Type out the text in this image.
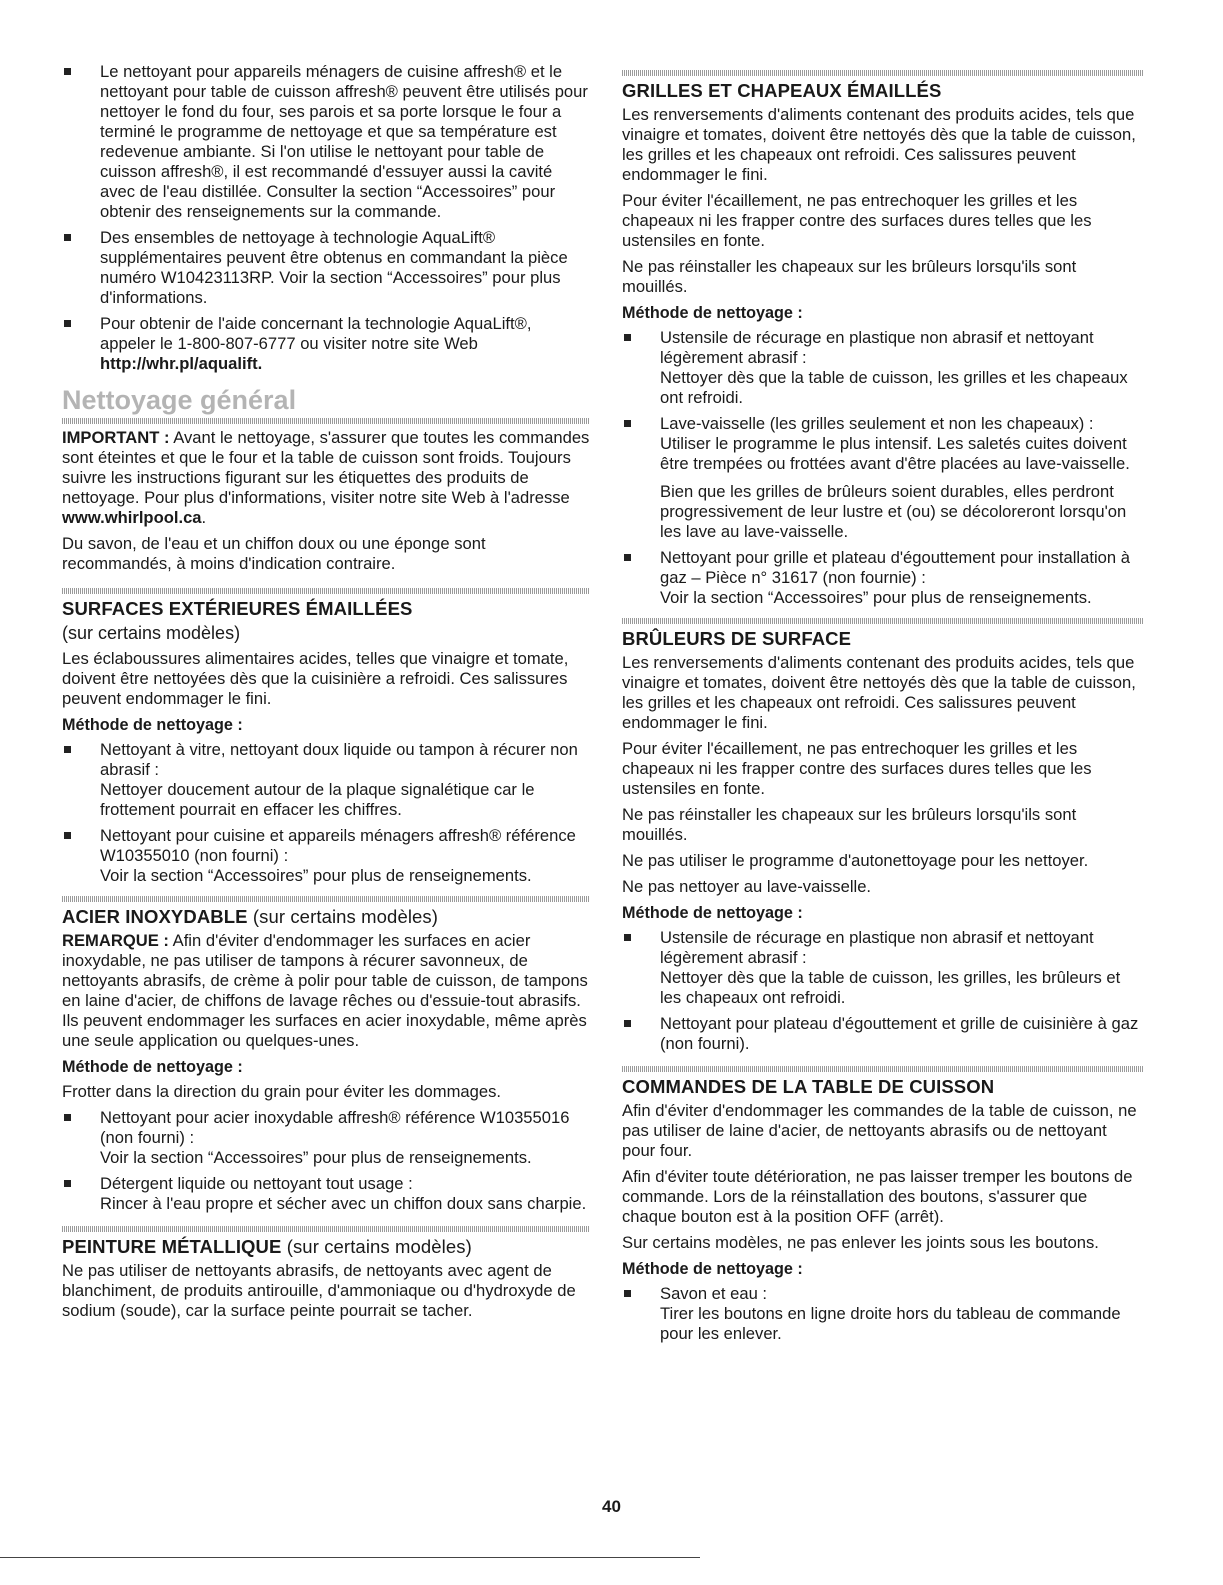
Le nettoyant pour appareils ménagers de cuisine affresh® et le nettoyant pour table de cuisson affresh® peuvent être utilisés pour nettoyer le fond du four, ses parois et sa porte lorsque le four a terminé le programme de nettoyage et que sa température est redevenue ambiante. Si l'on utilise le nettoyant pour table de cuisson affresh®, il est recommandé d'essuyer aussi la cavité avec de l'eau distillée. Consulter la section “Accessoires” pour obtenir des renseignements sur la commande.

Des ensembles de nettoyage à technologie AquaLift® supplémentaires peuvent être obtenus en commandant la pièce numéro W10423113RP. Voir la section “Accessoires” pour plus d'informations.

Pour obtenir de l'aide concernant la technologie AquaLift®, appeler le 1-800-807-6777 ou visiter notre site Web
http://whr.pl/aqualift.

Nettoyage général

IMPORTANT : Avant le nettoyage, s'assurer que toutes les commandes sont éteintes et que le four et la table de cuisson sont froids. Toujours suivre les instructions figurant sur les étiquettes des produits de nettoyage. Pour plus d'informations, visiter notre site Web à l'adresse www.whirlpool.ca.

Du savon, de l'eau et un chiffon doux ou une éponge sont recommandés, à moins d'indication contraire.

SURFACES EXTÉRIEURES ÉMAILLÉES
(sur certains modèles)

Les éclaboussures alimentaires acides, telles que vinaigre et tomate, doivent être nettoyées dès que la cuisinière a refroidi. Ces salissures peuvent endommager le fini.

Méthode de nettoyage :

Nettoyant à vitre, nettoyant doux liquide ou tampon à récurer non abrasif :

Nettoyer doucement autour de la plaque signalétique car le frottement pourrait en effacer les chiffres.

Nettoyant pour cuisine et appareils ménagers affresh® référence W10355010 (non fourni) :

Voir la section “Accessoires” pour plus de renseignements.

ACIER INOXYDABLE (sur certains modèles)

REMARQUE : Afin d'éviter d'endommager les surfaces en acier inoxydable, ne pas utiliser de tampons à récurer savonneux, de nettoyants abrasifs, de crème à polir pour table de cuisson, de tampons en laine d'acier, de chiffons de lavage rêches ou d'essuie-tout abrasifs. Ils peuvent endommager les surfaces en acier inoxydable, même après une seule application ou quelques-unes.

Méthode de nettoyage :

Frotter dans la direction du grain pour éviter les dommages.

Nettoyant pour acier inoxydable affresh® référence W10355016 (non fourni) :

Voir la section “Accessoires” pour plus de renseignements.

Détergent liquide ou nettoyant tout usage :

Rincer à l'eau propre et sécher avec un chiffon doux sans charpie.

PEINTURE MÉTALLIQUE (sur certains modèles)

Ne pas utiliser de nettoyants abrasifs, de nettoyants avec agent de blanchiment, de produits antirouille, d'ammoniaque ou d'hydroxyde de sodium (soude), car la surface peinte pourrait se tacher.

GRILLES ET CHAPEAUX ÉMAILLÉS

Les renversements d'aliments contenant des produits acides, tels que vinaigre et tomates, doivent être nettoyés dès que la table de cuisson, les grilles et les chapeaux ont refroidi. Ces salissures peuvent endommager le fini.

Pour éviter l'écaillement, ne pas entrechoquer les grilles et les chapeaux ni les frapper contre des surfaces dures telles que les ustensiles en fonte.

Ne pas réinstaller les chapeaux sur les brûleurs lorsqu'ils sont mouillés.

Méthode de nettoyage :

Ustensile de récurage en plastique non abrasif et nettoyant légèrement abrasif :

Nettoyer dès que la table de cuisson, les grilles et les chapeaux ont refroidi.

Lave-vaisselle (les grilles seulement et non les chapeaux) : Utiliser le programme le plus intensif. Les saletés cuites doivent être trempées ou frottées avant d'être placées au lave-vaisselle.

Bien que les grilles de brûleurs soient durables, elles perdront progressivement de leur lustre et (ou) se décoloreront lorsqu'on les lave au lave-vaisselle.

Nettoyant pour grille et plateau d'égouttement pour installation à gaz – Pièce n° 31617 (non fournie) :

Voir la section “Accessoires” pour plus de renseignements.

BRÛLEURS DE SURFACE

Les renversements d'aliments contenant des produits acides, tels que vinaigre et tomates, doivent être nettoyés dès que la table de cuisson, les grilles et les chapeaux ont refroidi. Ces salissures peuvent endommager le fini.

Pour éviter l'écaillement, ne pas entrechoquer les grilles et les chapeaux ni les frapper contre des surfaces dures telles que les ustensiles en fonte.

Ne pas réinstaller les chapeaux sur les brûleurs lorsqu'ils sont mouillés.

Ne pas utiliser le programme d'autonettoyage pour les nettoyer.

Ne pas nettoyer au lave-vaisselle.

Méthode de nettoyage :

Ustensile de récurage en plastique non abrasif et nettoyant légèrement abrasif :

Nettoyer dès que la table de cuisson, les grilles, les brûleurs et les chapeaux ont refroidi.

Nettoyant pour plateau d'égouttement et grille de cuisinière à gaz (non fourni).

COMMANDES DE LA TABLE DE CUISSON

Afin d'éviter d'endommager les commandes de la table de cuisson, ne pas utiliser de laine d'acier, de nettoyants abrasifs ou de nettoyant pour four.

Afin d'éviter toute détérioration, ne pas laisser tremper les boutons de commande. Lors de la réinstallation des boutons, s'assurer que chaque bouton est à la position OFF (arrêt).

Sur certains modèles, ne pas enlever les joints sous les boutons.

Méthode de nettoyage :

Savon et eau :

Tirer les boutons en ligne droite hors du tableau de commande pour les enlever.

40
